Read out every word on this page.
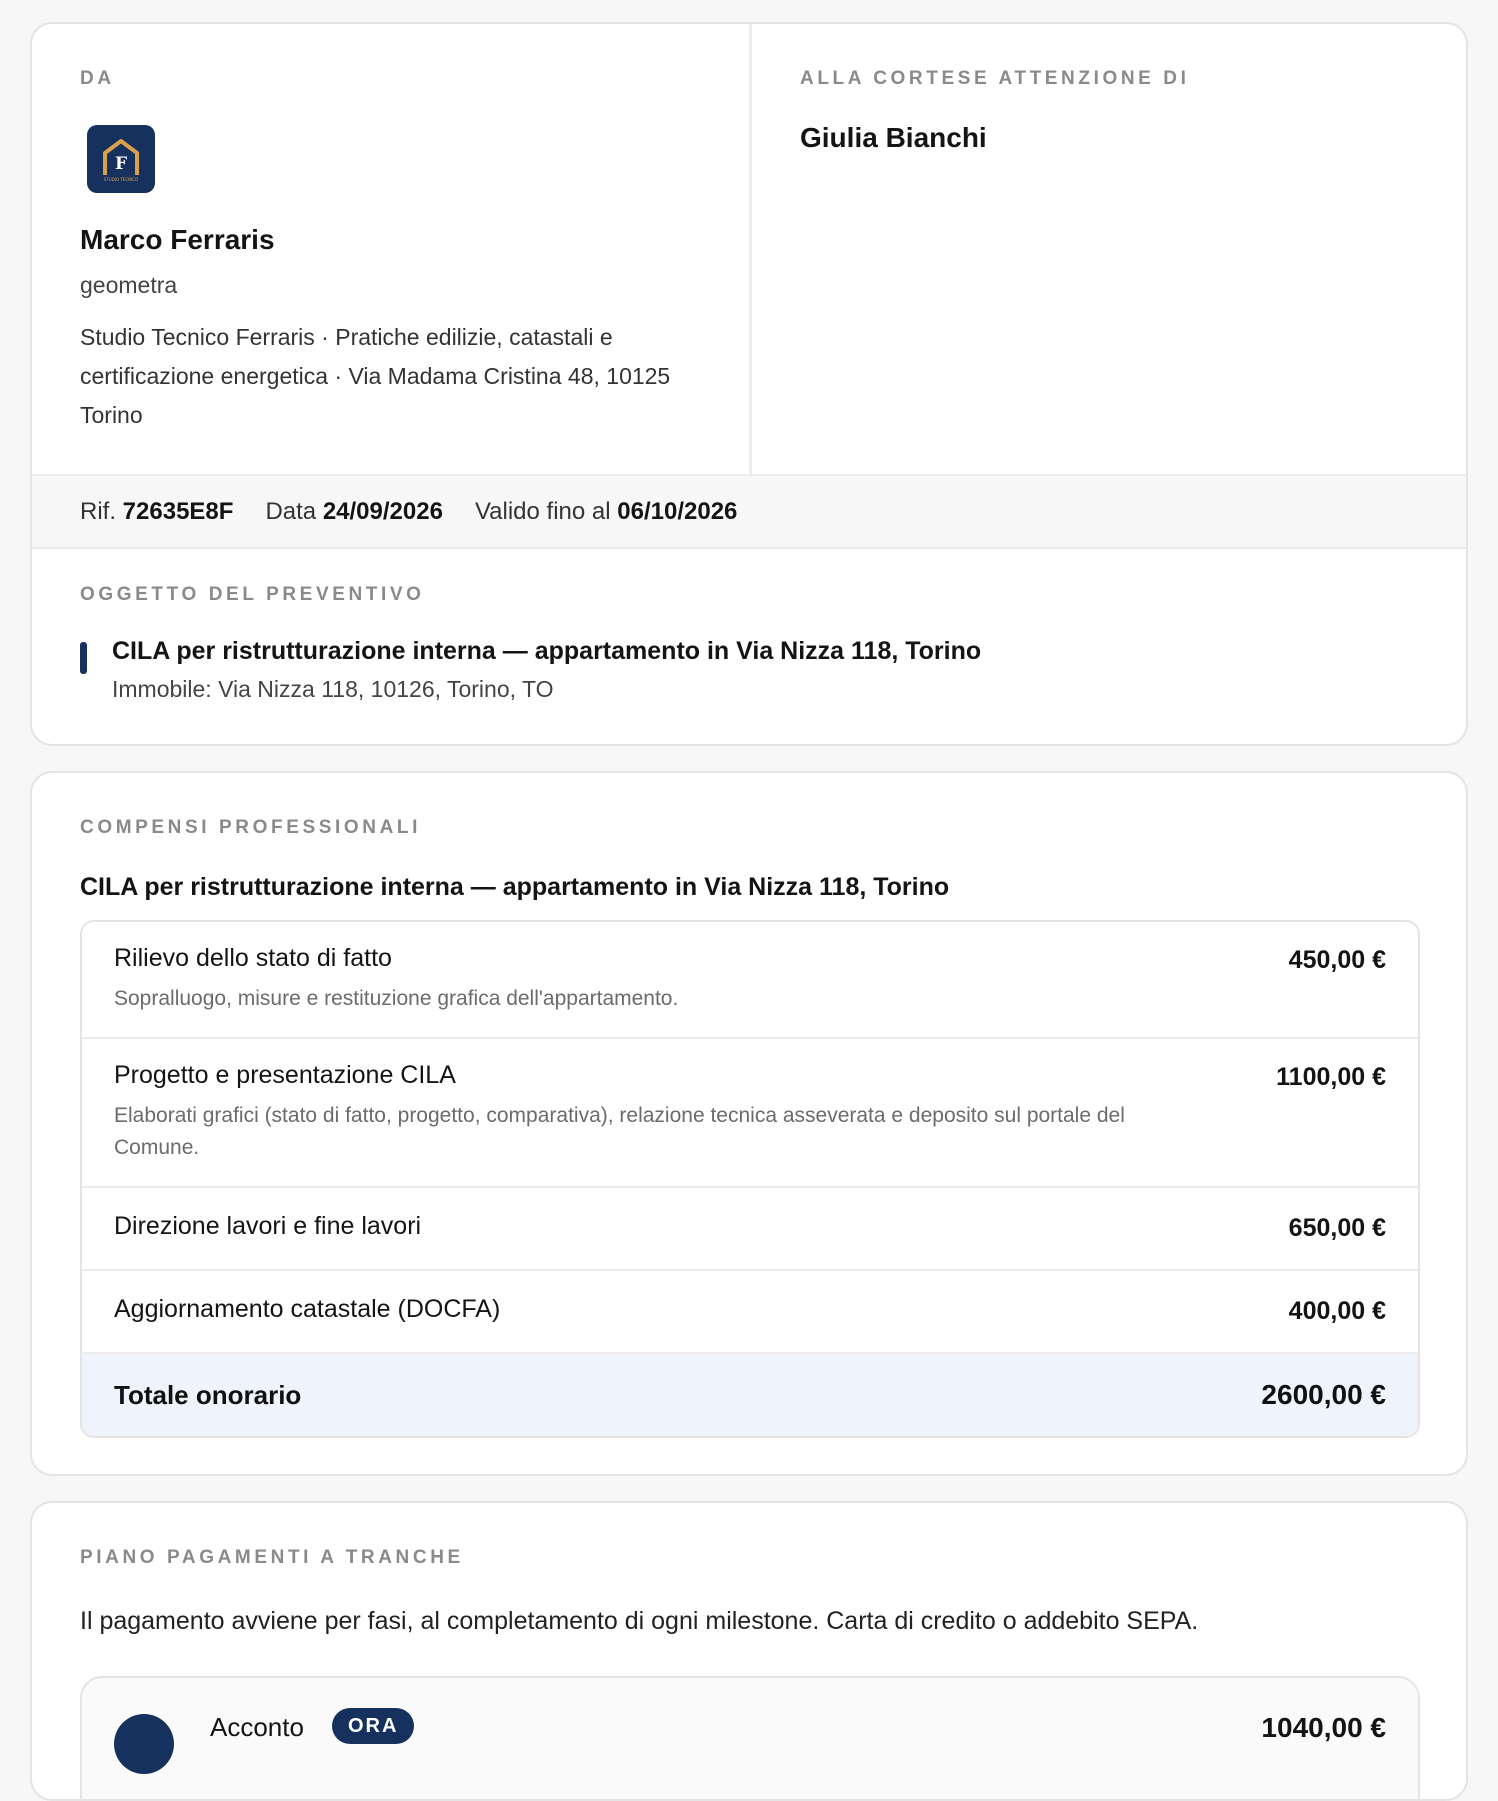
DA
F
STUDIO TECNICO
Marco Ferraris
geometra
Studio Tecnico Ferraris · Pratiche edilizie, catastali e certificazione energetica · Via Madama Cristina 48, 10125 Torino
ALLA CORTESE ATTENZIONE DI
Giulia Bianchi
Rif. 72635E8F Data 24/09/2026 Valido fino al 06/10/2026
OGGETTO DEL PREVENTIVO
CILA per ristrutturazione interna — appartamento in Via Nizza 118, Torino
Immobile: Via Nizza 118, 10126, Torino, TO
COMPENSI PROFESSIONALI
CILA per ristrutturazione interna — appartamento in Via Nizza 118, Torino
Rilievo dello stato di fatto
Sopralluogo, misure e restituzione grafica dell'appartamento.
450,00 €
Progetto e presentazione CILA
Elaborati grafici (stato di fatto, progetto, comparativa), relazione tecnica asseverata e deposito sul portale del Comune.
1100,00 €
Direzione lavori e fine lavori	650,00 €
Aggiornamento catastale (DOCFA)	400,00 €
Totale onorario	2600,00 €
PIANO PAGAMENTI A TRANCHE
Il pagamento avviene per fasi, al completamento di ogni milestone. Carta di credito o addebito SEPA.
Acconto	ORA	1040,00 €
